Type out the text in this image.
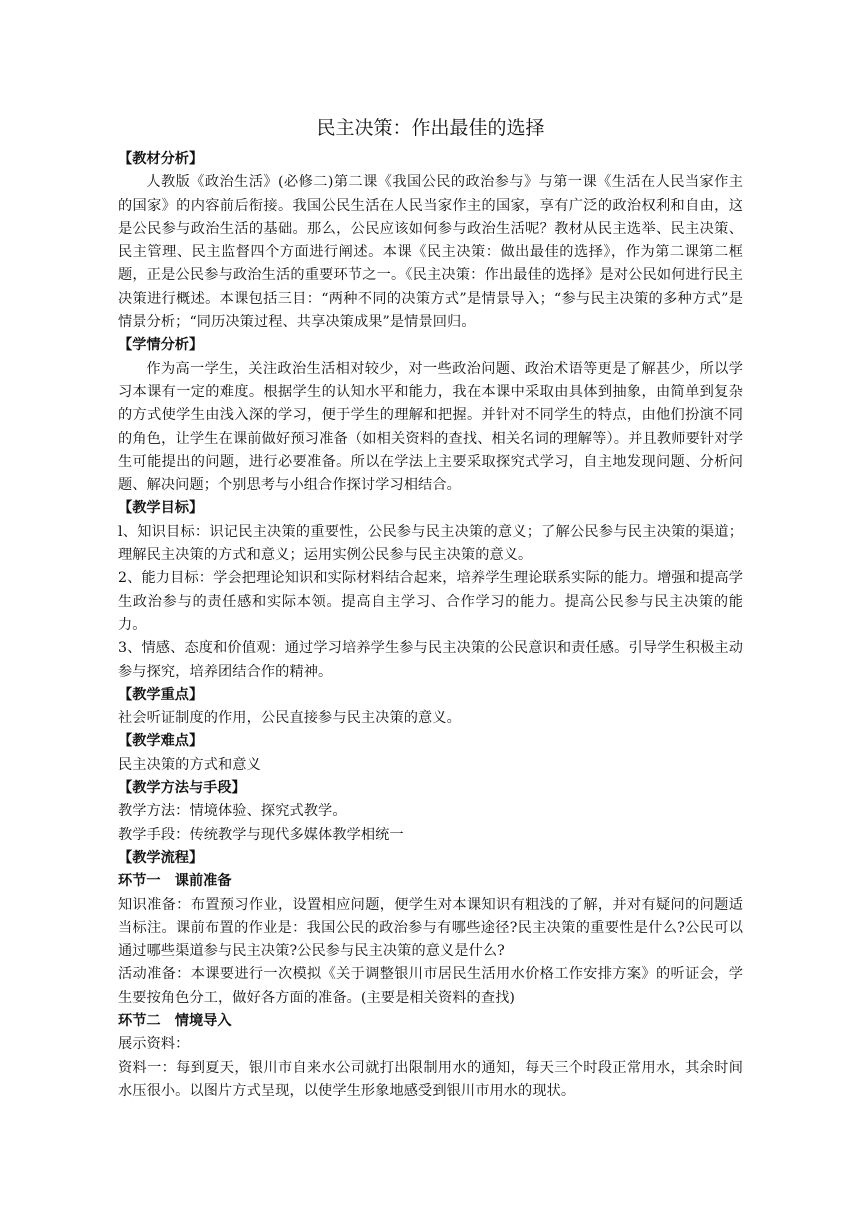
民主决策：作出最佳的选择

【教材分析】

人教版《政治生活》(必修二)第二课《我国公民的政治参与》与第一课《生活在人民当家作主的国家》的内容前后衔接。我国公民生活在人民当家作主的国家，享有广泛的政治权利和自由，这是公民参与政治生活的基础。那么，公民应该如何参与政治生活呢？教材从民主选举、民主决策、民主管理、民主监督四个方面进行阐述。本课《民主决策：做出最佳的选择》，作为第二课第二框题，正是公民参与政治生活的重要环节之一。《民主决策：作出最佳的选择》是对公民如何进行民主决策进行概述。本课包括三目：“两种不同的决策方式”是情景导入；“参与民主决策的多种方式”是情景分析；“同历决策过程、共享决策成果”是情景回归。

【学情分析】

作为高一学生，关注政治生活相对较少，对一些政治问题、政治术语等更是了解甚少，所以学习本课有一定的难度。根据学生的认知水平和能力，我在本课中采取由具体到抽象，由简单到复杂的方式使学生由浅入深的学习，便于学生的理解和把握。并针对不同学生的特点，由他们扮演不同的角色，让学生在课前做好预习准备（如相关资料的查找、相关名词的理解等）。并且教师要针对学生可能提出的问题，进行必要准备。所以在学法上主要采取探究式学习，自主地发现问题、分析问题、解决问题；个别思考与小组合作探讨学习相结合。

【教学目标】

l、知识目标：识记民主决策的重要性，公民参与民主决策的意义；了解公民参与民主决策的渠道；理解民主决策的方式和意义；运用实例公民参与民主决策的意义。

2、能力目标：学会把理论知识和实际材料结合起来，培养学生理论联系实际的能力。增强和提高学生政治参与的责任感和实际本领。提高自主学习、合作学习的能力。提高公民参与民主决策的能力。

3、情感、态度和价值观：通过学习培养学生参与民主决策的公民意识和责任感。引导学生积极主动参与探究，培养团结合作的精神。

【教学重点】

社会听证制度的作用，公民直接参与民主决策的意义。

【教学难点】

民主决策的方式和意义

【教学方法与手段】

教学方法：情境体验、探究式教学。

教学手段：传统教学与现代多媒体教学相统一

【教学流程】

环节一　课前准备

知识准备：布置预习作业，设置相应问题，便学生对本课知识有粗浅的了解，并对有疑问的问题适当标注。课前布置的作业是：我国公民的政治参与有哪些途径?民主决策的重要性是什么?公民可以通过哪些渠道参与民主决策?公民参与民主决策的意义是什么?

活动准备：本课要进行一次模拟《关于调整银川市居民生活用水价格工作安排方案》的听证会，学生要按角色分工，做好各方面的准备。(主要是相关资料的查找)

环节二　情境导入

展示资料：

资料一：每到夏天，银川市自来水公司就打出限制用水的通知，每天三个时段正常用水，其余时间水压很小。以图片方式呈现，以使学生形象地感受到银川市用水的现状。
